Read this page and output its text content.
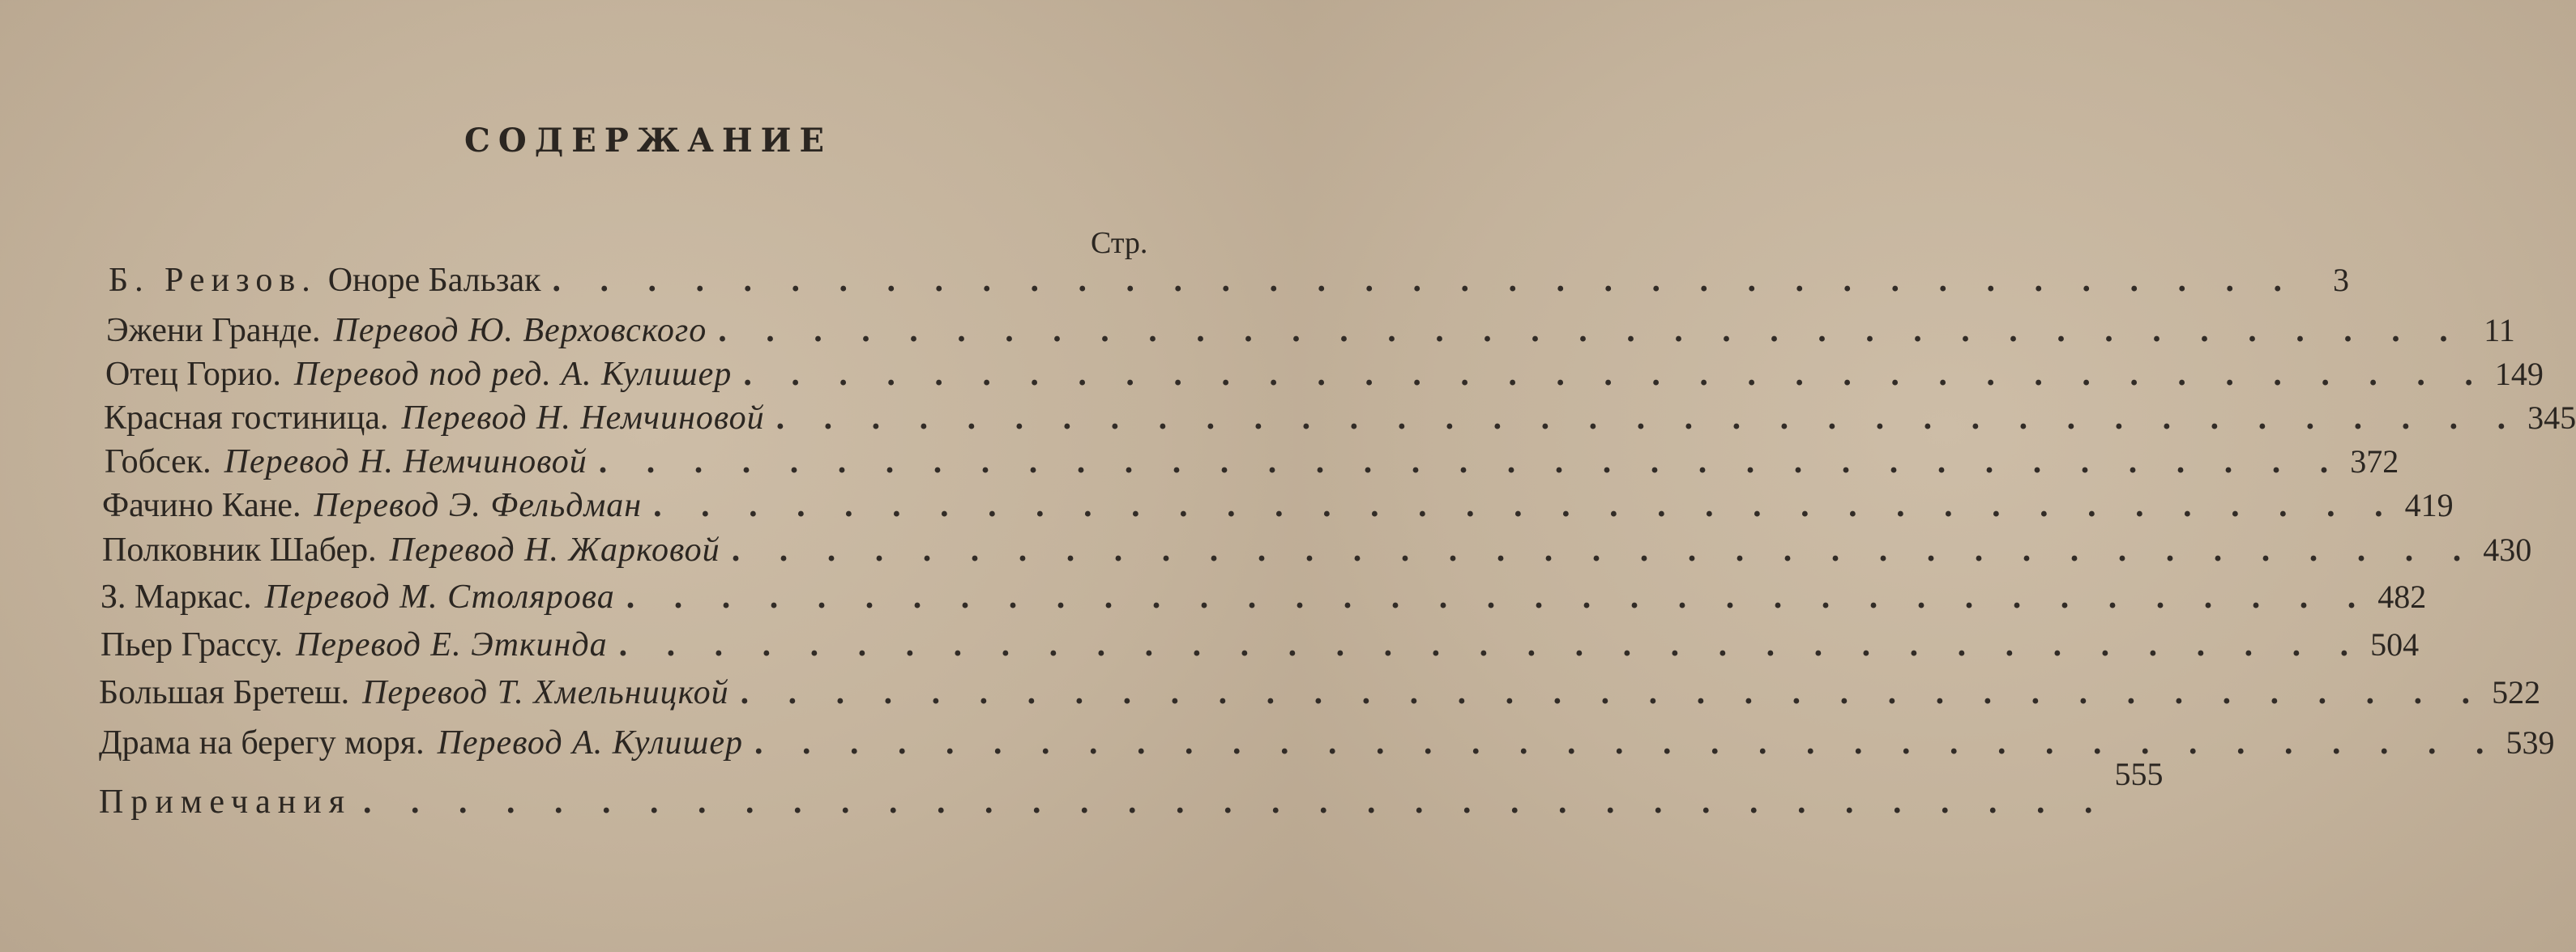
СОДЕРЖАНИЕ
Стр.
Б. Реизов. Оноре Бальзак . . . . . . . . . . . . . . . . . . . . . . . . . . . . . . . . . . . . .	3
Эжени Гранде. Перевод Ю. Верховского . . . . . . . . . . . . . . . . . . . . . . . . . . . . . . . . . . . . . 11
Отец Горио. Перевод под ред. А. Кулишер . . . . . . . . . . . . . . . . . . . . . . . . . . . . . . . . . . . . . 149
Красная гостиница. Перевод Н. Немчиновой . . . . . . . . . . . . . . . . . . . . . . . . . . . . . . . . . . . . . 345
Гобсек. Перевод Н. Немчиновой . . . . . . . . . . . . . . . . . . . . . . . . . . . . . . . . . . . . . 372
Фачино Кане. Перевод Э. Фельдман . . . . . . . . . . . . . . . . . . . . . . . . . . . . . . . . . . . . . 419
Полковник Шабер. Перевод Н. Жарковой . . . . . . . . . . . . . . . . . . . . . . . . . . . . . . . . . . . . . 430
З. Маркас. Перевод М. Столярова . . . . . . . . . . . . . . . . . . . . . . . . . . . . . . . . . . . . . 482
Пьер Грассу. Перевод Е. Эткинда . . . . . . . . . . . . . . . . . . . . . . . . . . . . . . . . . . . . . 504
Большая Бретеш. Перевод Т. Хмельницкой . . . . . . . . . . . . . . . . . . . . . . . . . . . . . . . . . . . . . 522
Драма на берегу моря. Перевод А. Кулишер . . . . . . . . . . . . . . . . . . . . . . . . . . . . . . . . . . . . . 539
Примечания . . . . . . . . . . . . . . . . . . . . . . . . . . . . . . . . . . . . .
555
